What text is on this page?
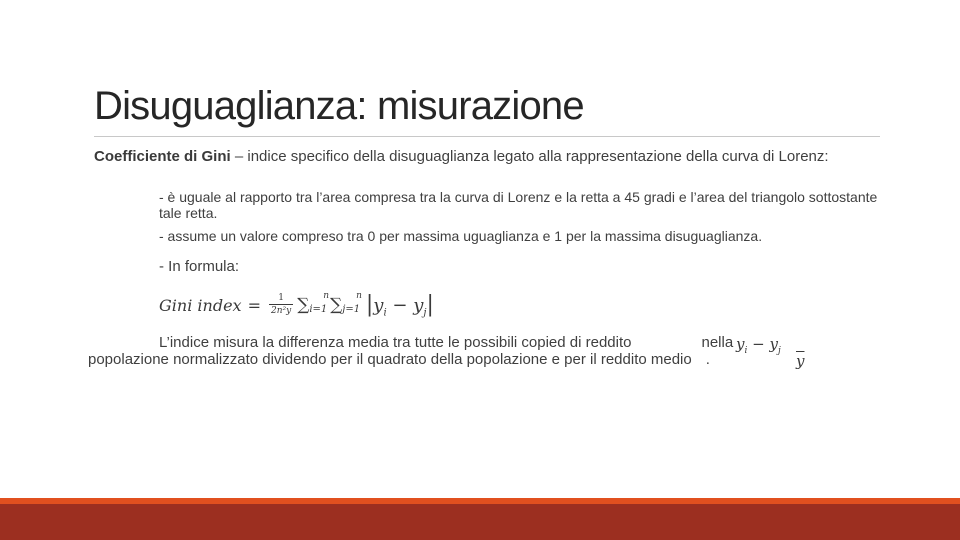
Disuguaglianza: misurazione
Coefficiente di Gini – indice specifico della disuguaglianza legato alla rappresentazione della curva di Lorenz:
- è uguale al rapporto tra l’area compresa tra la curva di Lorenz e la retta a 45 gradi e l’area del triangolo sottostante tale retta.
- assume un valore compreso tra 0 per massima uguaglianza e 1 per la massima disuguaglianza.
- In formula:
Gini index = $\frac{1}{\text{2n²y}}$ ∑ i=1
$^n$ ∑ j=1
$^n$ $|y_i - y_j|$
L’indice misura la differenza media tra tutte le possibili copied di reddito	nella
popolazione normalizzato dividendo per il quadrato della popolazione e per il reddito medio .
$y_i - y_j$
$\overline{y}$
